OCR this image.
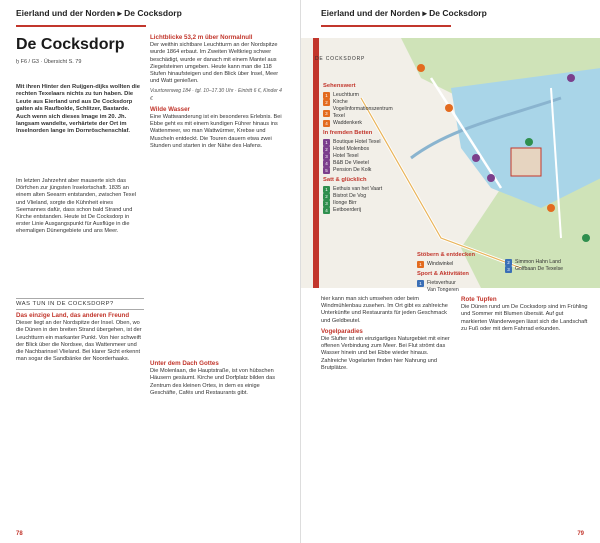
Eierland und der Norden ▸ De Cocksdorp
De Cocksdorp
ḫ F6 / G3 · Übersicht S. 79
Mit ihren Hinter den Ruijgen-dijks wollten die rechten Texelaars nichts zu tun haben. Die Leute aus Eierland und aus De Cocksdorp galten als Raufbolde, Schlitzer, Bastarde. Auch wenn sich dieses Image im 20. Jh. langsam wandelte, verhärtete der Ort im Inselnorden lange im Dornröschenschlaf.
Im letzten Jahrzehnt aber mauserte sich das Dörfchen zur jüngsten Inselortschaft. 1835 an einem alten Seearm entstanden, zwischen Texel und Vlieland, sorgte die Kühnheit eines Seemannes dafür, dass schon bald Strand und Kirche entstanden. Heute ist De Cocksdorp in erster Linie Ausgangspunkt für Ausflüge in die ehemaligen Dünengebiete und ans Meer.
WAS TUN IN DE COCKSDORP?
Das einzige Land, das anderen Freund
Dieser liegt an der Nordspitze der Insel. Oben, wo die Dünen in den breiten Strand übergehen, ist der Leuchtturm ein markanter Punkt. Von hier schweift der Blick über die Nordsee, das Wattenmeer und die Nachbarinsel Vlieland. Bei klarer Sicht erkennt man sogar die Sandbänke der Noorderhaaks.
Lichtblicke 53,2 m über Normalnull

Der weithin sichtbare Leuchtturm an der Nordspitze wurde 1864 erbaut. Im Zweiten Weltkrieg schwer beschädigt, wurde er danach mit einem Mantel aus Ziegelsteinen umgeben. Heute kann man die 118 Stufen hinaufsteigen und den Blick über Insel, Meer und Watt genießen.

Vuurtorenweg 184 · tgl. 10–17.30 Uhr · Eintritt 6 €, Kinder 4 €

Wilde Wasser

Eine Wattwanderung ist ein besonderes Erlebnis. Bei Ebbe geht es mit einem kundigen Führer hinaus ins Wattenmeer, wo man Wattwürmer, Krebse und Muscheln entdeckt. Die Touren dauern etwa zwei Stunden und starten in der Nähe des Hafens.

Unter dem Dach Gottes

Die Molenlaan, die Hauptstraße, ist von hübschen Häusern gesäumt. Kirche und Dorfplatz bilden das Zentrum des kleinen Ortes, in dem es einige Geschäfte, Cafés und Restaurants gibt.

78
Eierland und der Norden ▸ De Cocksdorp
DE COCKSDORP
Sehenswert
1	Leuchtturm
2	Kirche
3
Vogelinformationszentrum Texel
4	Waddenkerk
In fremden Betten
1	Boutique Hotel Texel
2	Hotel Molenbos
3	Hotel Texel
4	B&B De Vleetel
5	Pension De Kolk
Satt & glücklich
1	Eethuis van het Vaart
2	Bistrot De Vog
3	Ilonge Birr
4	Eetboerderij
Stöbern & entdecken
1	Windwinkel
Sport & Aktivitäten
1	Fietsverhuur
Van Tongeren
2	Simmon Hahn Land
3	Golfbaan De Texelse

hier kann man sich umsehen oder beim Windmühlenbau zusehen. Im Ort gibt es zahlreiche Unterkünfte und Restaurants für jeden Geschmack und Geldbeutel.

Vogelparadies

Die Slufter ist ein einzigartiges Naturgebiet mit einer offenen Verbindung zum Meer. Bei Flut strömt das Wasser hinein und bei Ebbe wieder hinaus. Zahlreiche Vogelarten finden hier Nahrung und Brutplätze.

Rote Tupfen

Die Dünen rund um De Cocksdorp sind im Frühling und Sommer mit Blumen übersät. Auf gut markierten Wanderwegen lässt sich die Landschaft zu Fuß oder mit dem Fahrrad erkunden.

79
